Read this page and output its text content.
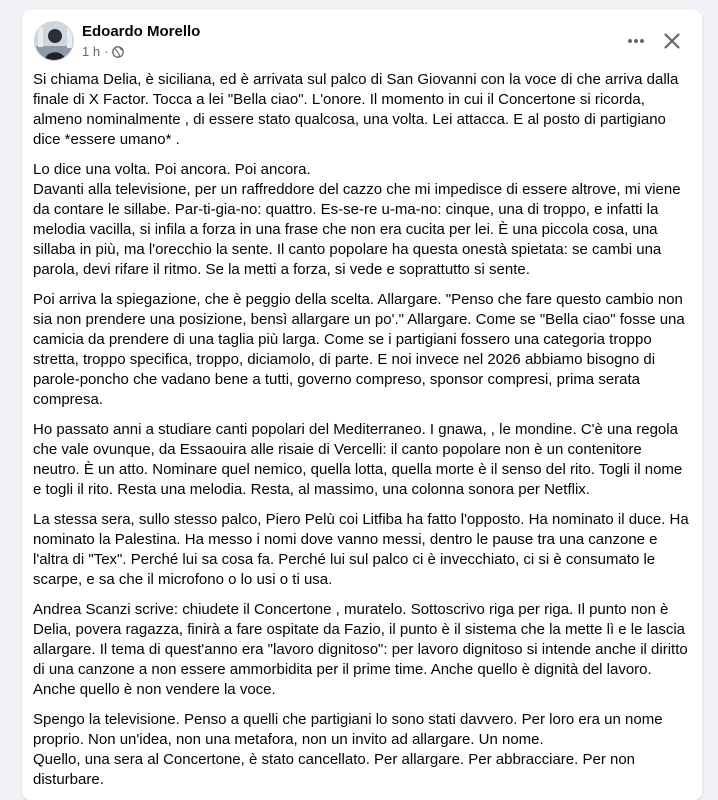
Edoardo Morello
1 h ·

Si chiama Delia, è siciliana, ed è arrivata sul palco di San Giovanni con la voce di che arriva dalla finale di X Factor. Tocca a lei "Bella ciao". L'onore. Il momento in cui il Concertone si ricorda, almeno nominalmente , di essere stato qualcosa, una volta. Lei attacca. E al posto di partigiano dice *essere umano* .

Lo dice una volta. Poi ancora. Poi ancora.
Davanti alla televisione, per un raffreddore del cazzo che mi impedisce di essere altrove, mi viene da contare le sillabe. Par-ti-gia-no: quattro. Es-se-re u-ma-no: cinque, una di troppo, e infatti la melodia vacilla, si infila a forza in una frase che non era cucita per lei. È una piccola cosa, una sillaba in più, ma l'orecchio la sente. Il canto popolare ha questa onestà spietata: se cambi una parola, devi rifare il ritmo. Se la metti a forza, si vede e soprattutto si sente.

Poi arriva la spiegazione, che è peggio della scelta. Allargare. "Penso che fare questo cambio non sia non prendere una posizione, bensì allargare un po'." Allargare. Come se "Bella ciao" fosse una camicia da prendere di una taglia più larga. Come se i partigiani fossero una categoria troppo stretta, troppo specifica, troppo, diciamolo, di parte. E noi invece nel 2026 abbiamo bisogno di parole-poncho che vadano bene a tutti, governo compreso, sponsor compresi, prima serata compresa.

Ho passato anni a studiare canti popolari del Mediterraneo. I gnawa, , le mondine. C'è una regola che vale ovunque, da Essaouira alle risaie di Vercelli: il canto popolare non è un contenitore neutro. È un atto. Nominare quel nemico, quella lotta, quella morte è il senso del rito. Togli il nome e togli il rito. Resta una melodia. Resta, al massimo, una colonna sonora per Netflix.

La stessa sera, sullo stesso palco, Piero Pelù coi Litfiba ha fatto l'opposto. Ha nominato il duce. Ha nominato la Palestina. Ha messo i nomi dove vanno messi, dentro le pause tra una canzone e l'altra di "Tex". Perché lui sa cosa fa. Perché lui sul palco ci è invecchiato, ci si è consumato le scarpe, e sa che il microfono o lo usi o ti usa.

Andrea Scanzi scrive: chiudete il Concertone , muratelo. Sottoscrivo riga per riga. Il punto non è Delia, povera ragazza, finirà a fare ospitate da Fazio, il punto è il sistema che la mette lì e le lascia allargare. Il tema di quest'anno era "lavoro dignitoso": per lavoro dignitoso si intende anche il diritto di una canzone a non essere ammorbidita per il prime time. Anche quello è dignità del lavoro. Anche quello è non vendere la voce.

Spengo la televisione. Penso a quelli che partigiani lo sono stati davvero. Per loro era un nome proprio. Non un'idea, non una metafora, non un invito ad allargare. Un nome.
Quello, una sera al Concertone, è stato cancellato. Per allargare. Per abbracciare. Per non disturbare.
